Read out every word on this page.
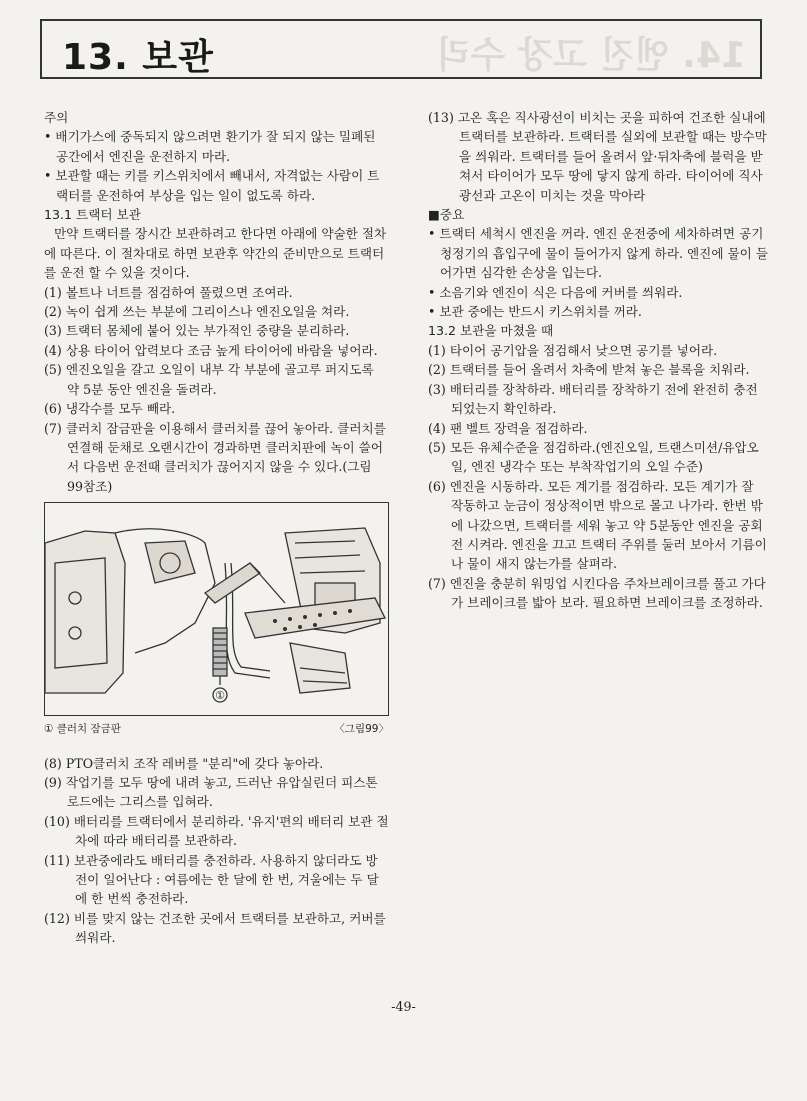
14. 엔진 고장 수리
13. 보관

주의

• 배기가스에 중독되지 않으려면 환기가 잘 되지 않는 밀폐된 공간에서 엔진을 운전하지 마라.

• 보관할 때는 키를 키스위치에서 빼내서, 자격없는 사람이 트랙터를 운전하여 부상을 입는 일이 없도록 하라.

13.1 트랙터 보관

만약 트랙터를 장시간 보관하려고 한다면 아래에 약술한 절차에 따른다. 이 절차대로 하면 보관후 약간의 준비만으로 트랙터를 운전 할 수 있을 것이다.

(1) 볼트나 너트를 점검하여 풀렸으면 조여라.

(2) 녹이 쉽게 쓰는 부분에 그리이스나 엔진오일을 쳐라.

(3) 트랙터 몸체에 붙어 있는 부가적인 중량을 분리하라.

(4) 상용 타이어 압력보다 조금 높게 타이어에 바람을 넣어라.

(5) 엔진오일을 갈고 오일이 내부 각 부분에 골고루 퍼지도록 약 5분 동안 엔진을 돌려라.

(6) 냉각수를 모두 빼라.

(7) 클러치 잠금판을 이용해서 클러치를 끊어 놓아라. 클러치를 연결해 둔채로 오랜시간이 경과하면 클러치판에 녹이 쓸어서 다음번 운전때 클러치가 끊어지지 않을 수 있다.(그림 99참조)

①
① 클러치 잠금판	〈그림99〉

(8) PTO클러치 조작 레버를 "분리"에 갖다 놓아라.

(9) 작업기를 모두 땅에 내려 놓고, 드러난 유압실린더 피스톤로드에는 그리스를 입혀라.

(10) 배터리를 트랙터에서 분리하라. '유지'편의 배터리 보관 절차에 따라 배터리를 보관하라.

(11) 보관중에라도 배터리를 충전하라. 사용하지 않더라도 방전이 일어난다 : 여름에는 한 달에 한 번, 겨울에는 두 달에 한 번씩 충전하라.

(12) 비를 맞지 않는 건조한 곳에서 트랙터를 보관하고, 커버를 씌워라.

(13) 고온 혹은 직사광선이 비치는 곳을 피하여 건조한 실내에 트랙터를 보관하라. 트랙터를 실외에 보관할 때는 방수막을 씌워라. 트랙터를 들어 올려서 앞·뒤차축에 블럭을 받쳐서 타이어가 모두 땅에 닿지 않게 하라. 타이어에 직사광선과 고온이 미치는 것을 막아라

■중요

• 트랙터 세척시 엔진을 꺼라. 엔진 운전중에 세차하려면 공기 청정기의 흡입구에 물이 들어가지 않게 하라. 엔진에 물이 들어가면 심각한 손상을 입는다.

• 소음기와 엔진이 식은 다음에 커버를 씌워라.

• 보관 중에는 반드시 키스위치를 꺼라.

13.2 보관을 마쳤을 때

(1) 타이어 공기압을 점검해서 낮으면 공기를 넣어라.

(2) 트랙터를 들어 올려서 차축에 받쳐 놓은 블록을 치워라.

(3) 배터리를 장착하라. 배터리를 장착하기 전에 완전히 충전되었는지 확인하라.

(4) 팬 벨트 장력을 점검하라.

(5) 모든 유체수준을 점검하라.(엔진오일, 트랜스미션/유압오일, 엔진 냉각수 또는 부착작업기의 오일 수준)

(6) 엔진을 시동하라. 모든 계기를 점검하라. 모든 계기가 잘 작동하고 눈금이 정상적이면 밖으로 몰고 나가라. 한번 밖에 나갔으면, 트랙터를 세워 놓고 약 5분동안 엔진을 공회전 시켜라. 엔진을 끄고 트랙터 주위를 둘러 보아서 기름이나 물이 새지 않는가를 살펴라.

(7) 엔진을 충분히 워밍업 시킨다음 주차브레이크를 풀고 가다가 브레이크를 밟아 보라. 필요하면 브레이크를 조정하라.

-49-
